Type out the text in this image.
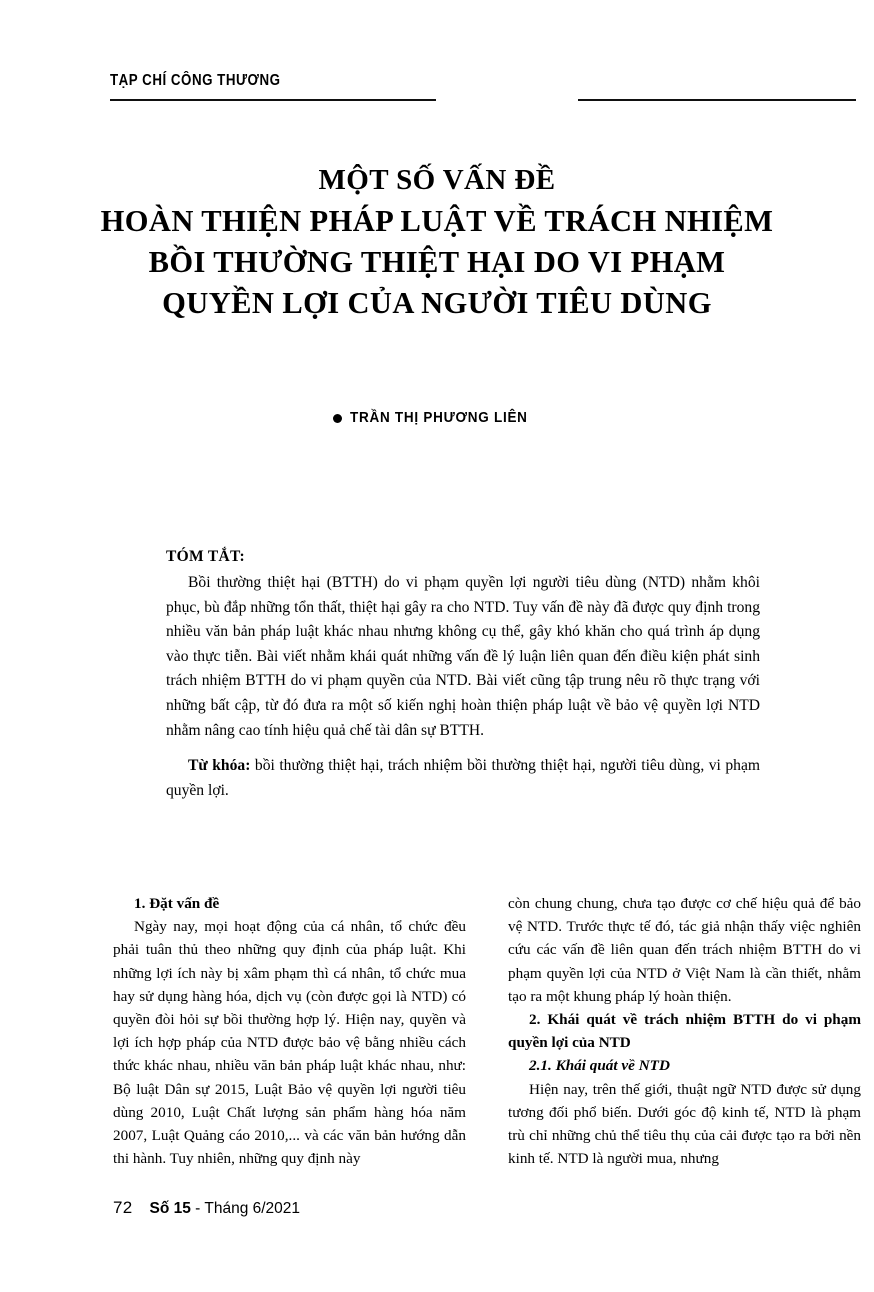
TẠP CHÍ CÔNG THƯƠNG
MỘT SỐ VẤN ĐỀ
HOÀN THIỆN PHÁP LUẬT VỀ TRÁCH NHIỆM
BỒI THƯỜNG THIỆT HẠI DO VI PHẠM
QUYỀN LỢI CỦA NGƯỜI TIÊU DÙNG
TRẦN THỊ PHƯƠNG LIÊN
TÓM TẮT:

Bồi thường thiệt hại (BTTH) do vi phạm quyền lợi người tiêu dùng (NTD) nhằm khôi phục, bù đắp những tổn thất, thiệt hại gây ra cho NTD. Tuy vấn đề này đã được quy định trong nhiều văn bản pháp luật khác nhau nhưng không cụ thể, gây khó khăn cho quá trình áp dụng vào thực tiễn. Bài viết nhằm khái quát những vấn đề lý luận liên quan đến điều kiện phát sinh trách nhiệm BTTH do vi phạm quyền của NTD. Bài viết cũng tập trung nêu rõ thực trạng với những bất cập, từ đó đưa ra một số kiến nghị hoàn thiện pháp luật về bảo vệ quyền lợi NTD nhằm nâng cao tính hiệu quả chế tài dân sự BTTH.

Từ khóa: bồi thường thiệt hại, trách nhiệm bồi thường thiệt hại, người tiêu dùng, vi phạm quyền lợi.

1. Đặt vấn đề

Ngày nay, mọi hoạt động của cá nhân, tổ chức đều phải tuân thủ theo những quy định của pháp luật. Khi những lợi ích này bị xâm phạm thì cá nhân, tổ chức mua hay sử dụng hàng hóa, dịch vụ (còn được gọi là NTD) có quyền đòi hỏi sự bồi thường hợp lý. Hiện nay, quyền và lợi ích hợp pháp của NTD được bảo vệ bằng nhiều cách thức khác nhau, nhiều văn bản pháp luật khác nhau, như: Bộ luật Dân sự 2015, Luật Bảo vệ quyền lợi người tiêu dùng 2010, Luật Chất lượng sản phẩm hàng hóa năm 2007, Luật Quảng cáo 2010,... và các văn bản hướng dẫn thi hành. Tuy nhiên, những quy định này

còn chung chung, chưa tạo được cơ chế hiệu quả để bảo vệ NTD. Trước thực tế đó, tác giả nhận thấy việc nghiên cứu các vấn đề liên quan đến trách nhiệm BTTH do vi phạm quyền lợi của NTD ở Việt Nam là cần thiết, nhằm tạo ra một khung pháp lý hoàn thiện.

2. Khái quát về trách nhiệm BTTH do vi phạm quyền lợi của NTD

2.1. Khái quát về NTD

Hiện nay, trên thế giới, thuật ngữ NTD được sử dụng tương đối phổ biến. Dưới góc độ kinh tế, NTD là phạm trù chỉ những chủ thể tiêu thụ của cải được tạo ra bởi nền kinh tế. NTD là người mua, nhưng

72 Số 15 - Tháng 6/2021
